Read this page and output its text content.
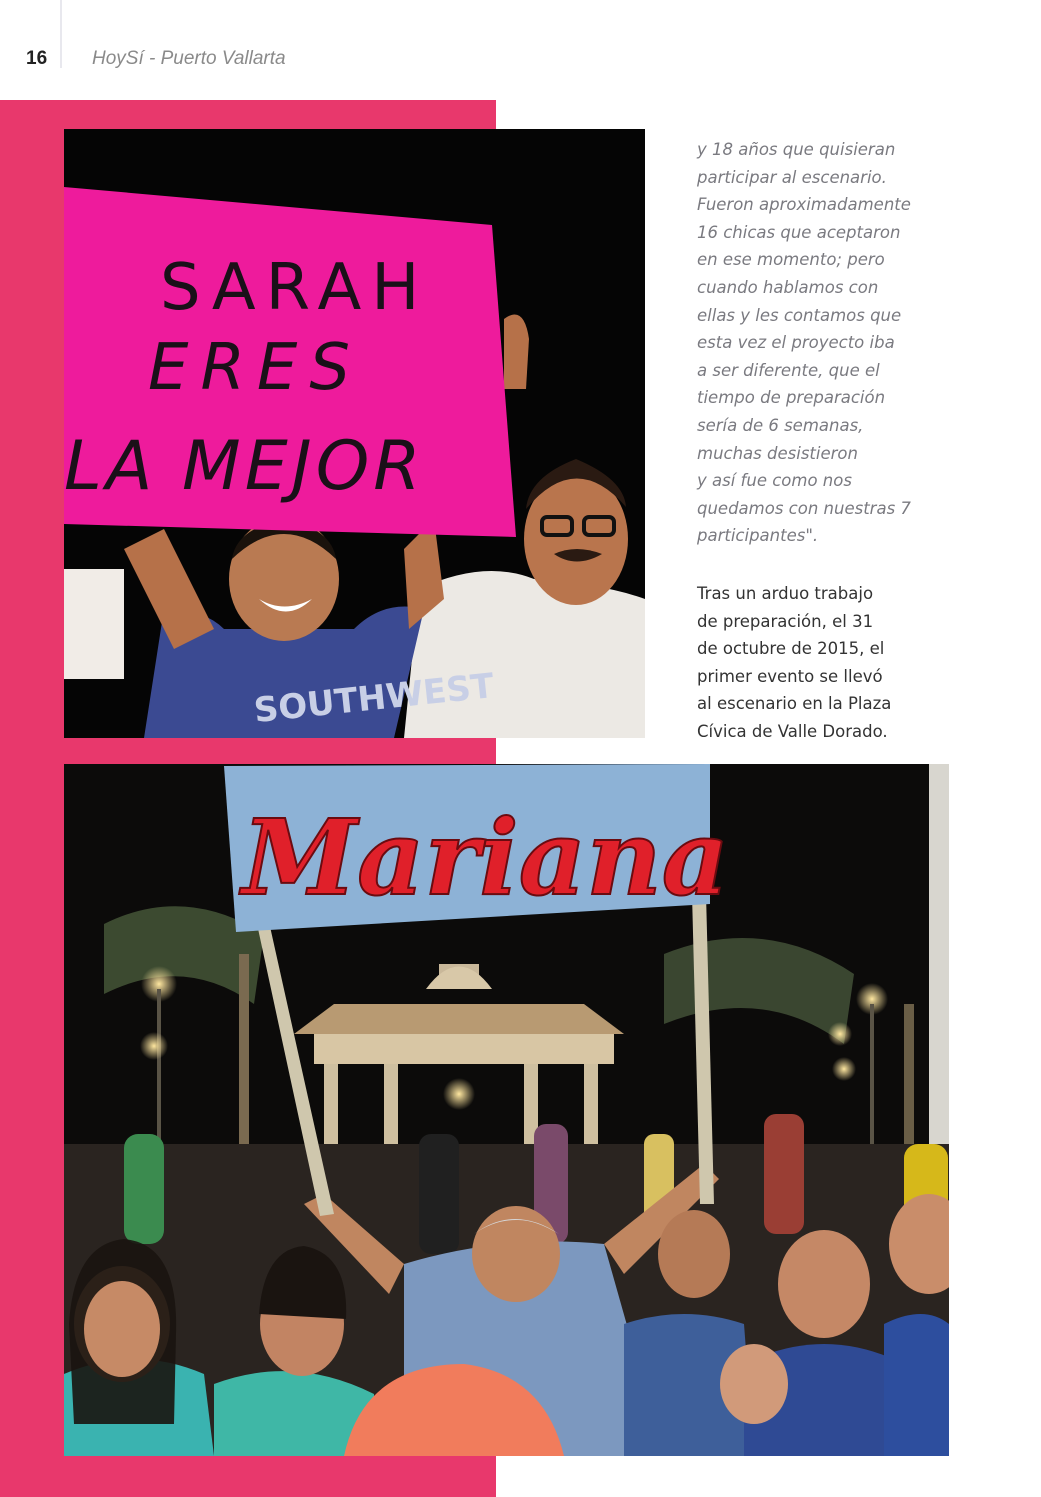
16 HoySí - Puerto Vallarta
SOUTHWEST
SARAH
ERES
LA MEJOR
Mariana
y 18 años que quisieran
participar al escenario.
Fueron aproximadamente
16 chicas que aceptaron
en ese momento; pero
cuando hablamos con
ellas y les contamos que
esta vez el proyecto iba
a ser diferente, que el
tiempo de preparación
sería de 6 semanas,
muchas desistieron
y así fue como nos
quedamos con nuestras 7
participantes".
Tras un arduo trabajo
de preparación, el 31
de octubre de 2015, el
primer evento se llevó
al escenario en la Plaza
Cívica de Valle Dorado.
